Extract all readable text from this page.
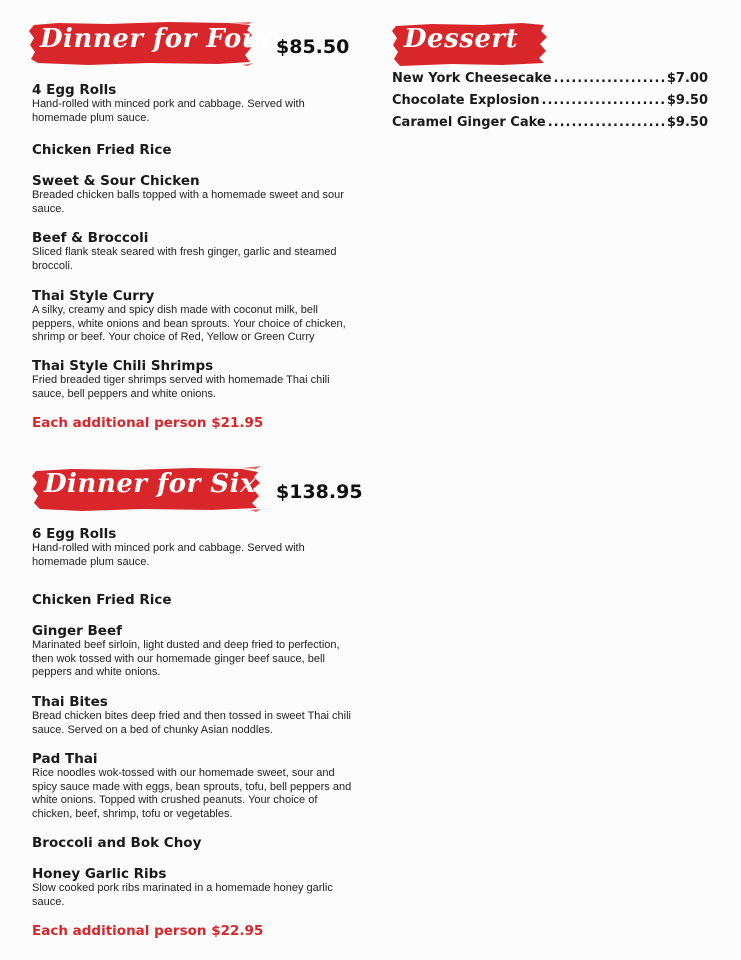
Dinner for Four $85.50
4 Egg Rolls
Hand-rolled with minced pork and cabbage. Served with homemade plum sauce.
Chicken Fried Rice
Sweet & Sour Chicken
Breaded chicken balls topped with a homemade sweet and sour sauce.
Beef & Broccoli
Sliced flank steak seared with fresh ginger, garlic and steamed broccoli.
Thai Style Curry
A silky, creamy and spicy dish made with coconut milk, bell peppers, white onions and bean sprouts. Your choice of chicken, shrimp or beef. Your choice of Red, Yellow or Green Curry
Thai Style Chili Shrimps
Fried breaded tiger shrimps served with homemade Thai chili sauce, bell peppers and white onions.
Each additional person $21.95
Dinner for Six $138.95
6 Egg Rolls
Hand-rolled with minced pork and cabbage. Served with homemade plum sauce.
Chicken Fried Rice
Ginger Beef
Marinated beef sirloin, light dusted and deep fried to perfection, then wok tossed with our homemade ginger beef sauce, bell peppers and white onions.
Thai Bites
Bread chicken bites deep fried and then tossed in sweet Thai chili sauce. Served on a bed of chunky Asian noddles.
Pad Thai
Rice noodles wok-tossed with our homemade sweet, sour and spicy sauce made with eggs, bean sprouts, tofu, bell peppers and white onions. Topped with crushed peanuts. Your choice of chicken, beef, shrimp, tofu or vegetables.
Broccoli and Bok Choy
Honey Garlic Ribs
Slow cooked pork ribs marinated in a homemade honey garlic sauce.
Each additional person $22.95
Dessert
New York Cheesecake .....	$7.00
Chocolate Explosion .....	$9.50
Caramel Ginger Cake .....	$9.50
